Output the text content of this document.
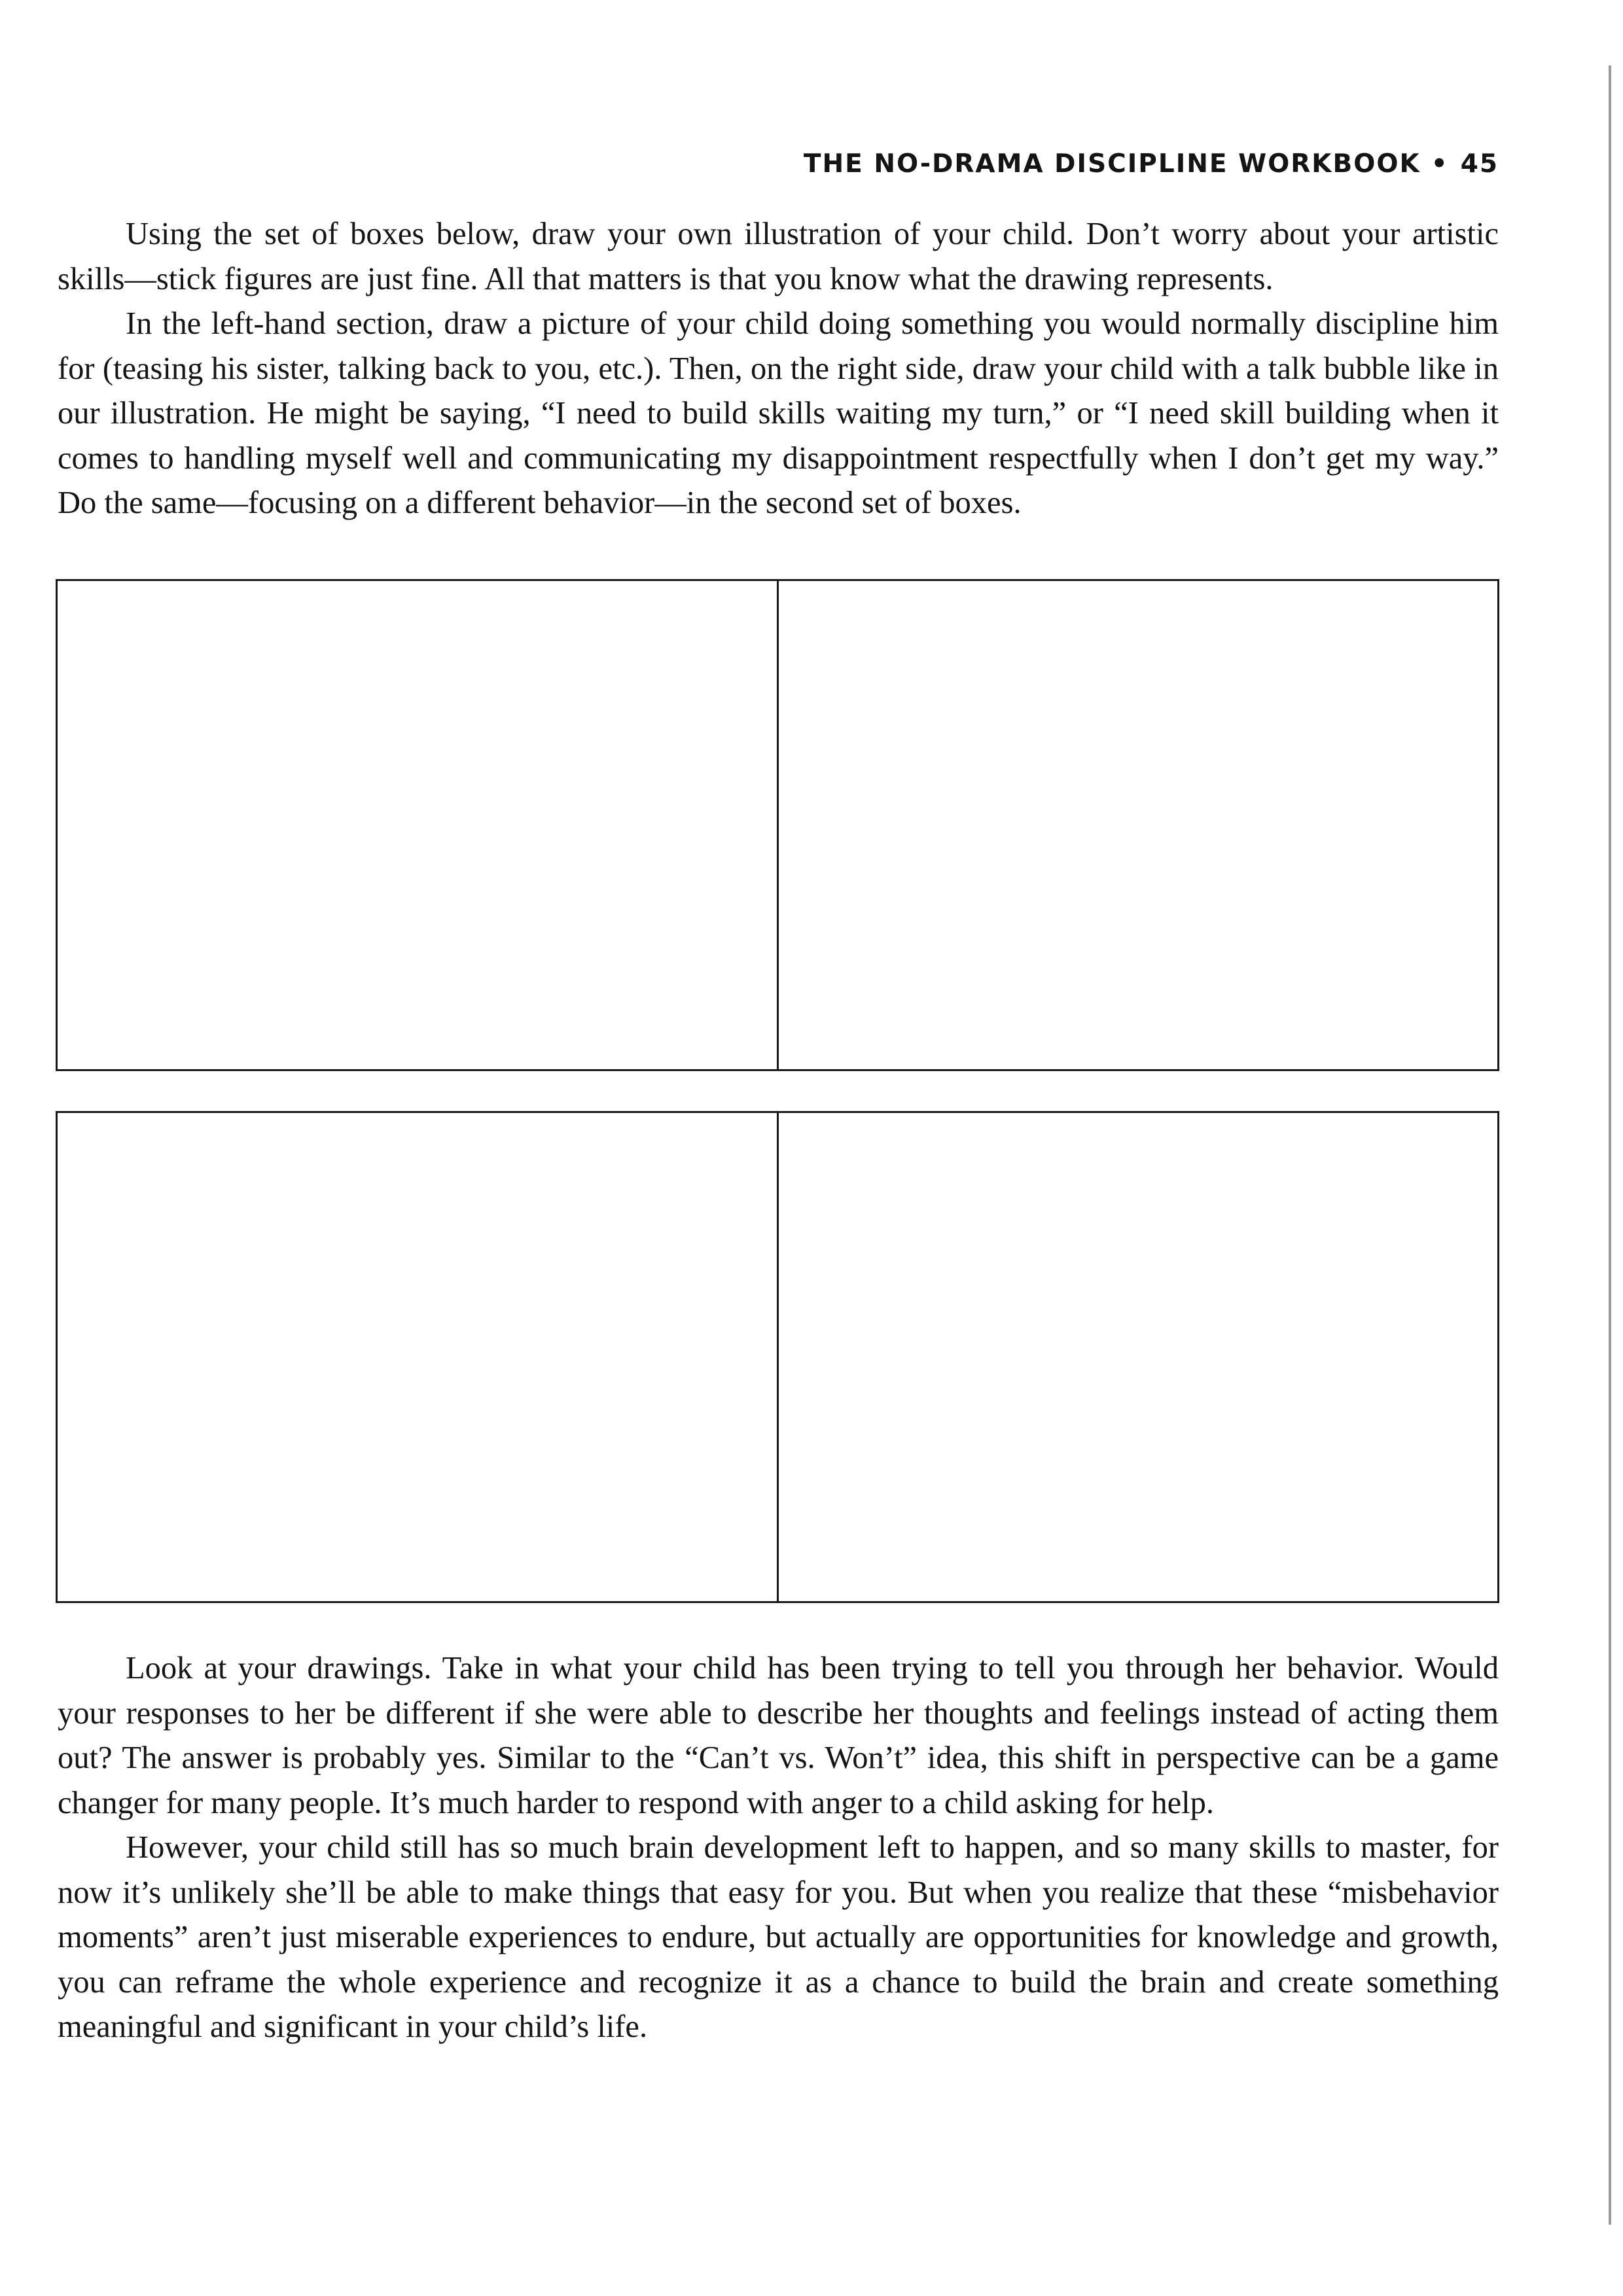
THE NO-DRAMA DISCIPLINE WORKBOOK • 45

Using the set of boxes below, draw your own illustration of your child. Don’t worry about your artistic skills—stick figures are just fine. All that matters is that you know what the drawing represents.

In the left-hand section, draw a picture of your child doing something you would normally discipline him for (teasing his sister, talking back to you, etc.). Then, on the right side, draw your child with a talk bubble like in our illustration. He might be saying, “I need to build skills waiting my turn,” or “I need skill building when it comes to handling myself well and communicating my disappointment respectfully when I don’t get my way.” Do the same—focusing on a different behavior—in the second set of boxes.

Look at your drawings. Take in what your child has been trying to tell you through her behavior. Would your responses to her be different if she were able to describe her thoughts and feelings instead of acting them out? The answer is probably yes. Similar to the “Can’t vs. Won’t” idea, this shift in perspective can be a game changer for many people. It’s much harder to respond with anger to a child asking for help.

However, your child still has so much brain development left to happen, and so many skills to master, for now it’s unlikely she’ll be able to make things that easy for you. But when you realize that these “misbehavior moments” aren’t just miserable experiences to endure, but actually are opportunities for knowledge and growth, you can reframe the whole experience and recognize it as a chance to build the brain and create something meaningful and significant in your child’s life.
